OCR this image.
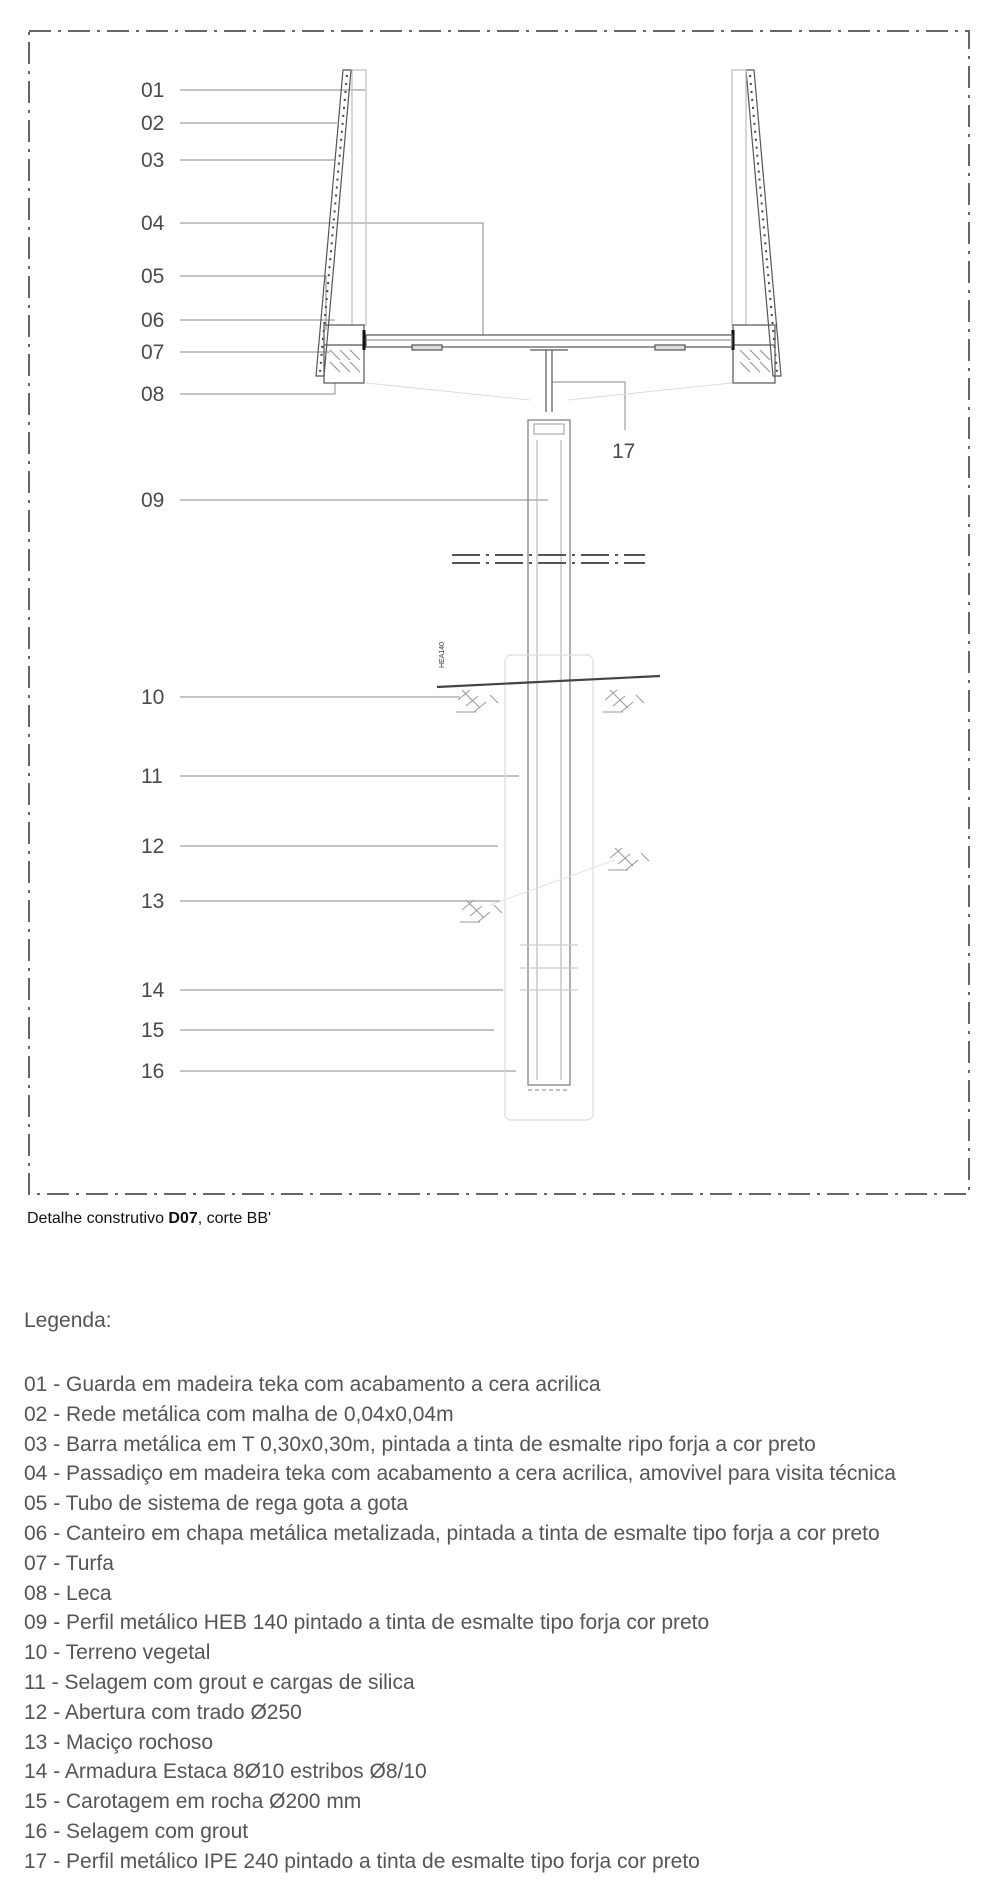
01
02
03
04
05
06
07
08
09
10
11
12
13
14
15
16
17
HEA140
Detalhe construtivo D07, corte BB'
Legenda:
01 - Guarda em madeira teka com acabamento a cera acrilica
02 - Rede metálica com malha de 0,04x0,04m
03 - Barra metálica em T 0,30x0,30m, pintada a tinta de esmalte ripo forja a cor preto
04 - Passadiço em madeira teka com acabamento a cera acrilica, amovivel para visita técnica
05 - Tubo de sistema de rega gota a gota
06 - Canteiro em chapa metálica metalizada, pintada a tinta de esmalte tipo forja a cor preto
07 - Turfa
08 - Leca
09 - Perfil metálico HEB 140 pintado a tinta de esmalte tipo forja cor preto
10 - Terreno vegetal
11 - Selagem com grout e cargas de silica
12 - Abertura com trado Ø250
13 - Maciço rochoso
14 - Armadura Estaca 8Ø10 estribos Ø8/10
15 - Carotagem em rocha Ø200 mm
16 - Selagem com grout
17 - Perfil metálico IPE 240 pintado a tinta de esmalte tipo forja cor preto
